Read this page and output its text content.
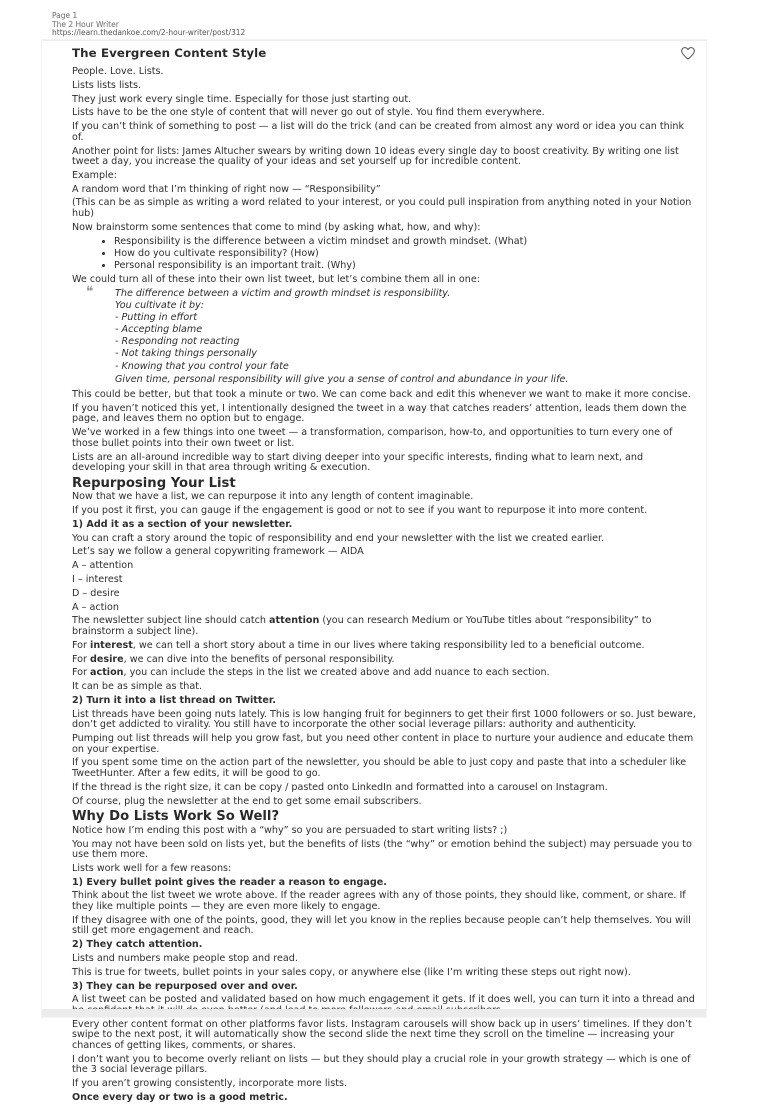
Page 1
The 2 Hour Writer
https://learn.thedankoe.com/2-hour-writer/post/312
The Evergreen Content Style

People. Love. Lists.

Lists lists lists.

They just work every single time. Especially for those just starting out.

Lists have to be the one style of content that will never go out of style. You find them everywhere.

If you can’t think of something to post — a list will do the trick (and can be created from almost any word or idea you can think of.

Another point for lists: James Altucher swears by writing down 10 ideas every single day to boost creativity. By writing one list tweet a day, you increase the quality of your ideas and set yourself up for incredible content.

Example:

A random word that I’m thinking of right now — “Responsibility”

(This can be as simple as writing a word related to your interest, or you could pull inspiration from anything noted in your Notion hub)

Now brainstorm some sentences that come to mind (by asking what, how, and why):

• Responsibility is the difference between a victim mindset and growth mindset. (What)
• How do you cultivate responsibility? (How)
• Personal responsibility is an important trait. (Why)

We could turn all of these into their own list tweet, but let’s combine them all in one:

❝ The difference between a victim and growth mindset is responsibility.

You cultivate it by:

- Putting in effort

- Accepting blame

- Responding not reacting

- Not taking things personally

- Knowing that you control your fate

Given time, personal responsibility will give you a sense of control and abundance in your life.

This could be better, but that took a minute or two. We can come back and edit this whenever we want to make it more concise.

If you haven’t noticed this yet, I intentionally designed the tweet in a way that catches readers’ attention, leads them down the page, and leaves them no option but to engage.

We’ve worked in a few things into one tweet — a transformation, comparison, how-to, and opportunities to turn every one of those bullet points into their own tweet or list.

Lists are an all-around incredible way to start diving deeper into your specific interests, finding what to learn next, and developing your skill in that area through writing & execution.

Repurposing Your List

Now that we have a list, we can repurpose it into any length of content imaginable.

If you post it first, you can gauge if the engagement is good or not to see if you want to repurpose it into more content.

1) Add it as a section of your newsletter.

You can craft a story around the topic of responsibility and end your newsletter with the list we created earlier.

Let’s say we follow a general copywriting framework — AIDA

A – attention

I – interest

D – desire

A – action

The newsletter subject line should catch attention (you can research Medium or YouTube titles about “responsibility” to brainstorm a subject line).

For interest, we can tell a short story about a time in our lives where taking responsibility led to a beneficial outcome.

For desire, we can dive into the benefits of personal responsibility.

For action, you can include the steps in the list we created above and add nuance to each section.

It can be as simple as that.

2) Turn it into a list thread on Twitter.

List threads have been going nuts lately. This is low hanging fruit for beginners to get their first 1000 followers or so. Just beware, don’t get addicted to virality. You still have to incorporate the other social leverage pillars: authority and authenticity.

Pumping out list threads will help you grow fast, but you need other content in place to nurture your audience and educate them on your expertise.

If you spent some time on the action part of the newsletter, you should be able to just copy and paste that into a scheduler like TweetHunter. After a few edits, it will be good to go.

If the thread is the right size, it can be copy / pasted onto LinkedIn and formatted into a carousel on Instagram.

Of course, plug the newsletter at the end to get some email subscribers.

Why Do Lists Work So Well?

Notice how I’m ending this post with a “why” so you are persuaded to start writing lists? ;)

You may not have been sold on lists yet, but the benefits of lists (the “why” or emotion behind the subject) may persuade you to use them more.

Lists work well for a few reasons:

1) Every bullet point gives the reader a reason to engage.

Think about the list tweet we wrote above. If the reader agrees with any of those points, they should like, comment, or share. If they like multiple points — they are even more likely to engage.

If they disagree with one of the points, good, they will let you know in the replies because people can’t help themselves. You will still get more engagement and reach.

2) They catch attention.

Lists and numbers make people stop and read.

This is true for tweets, bullet points in your sales copy, or anywhere else (like I’m writing these steps out right now).

3) They can be repurposed over and over.

A list tweet can be posted and validated based on how much engagement it gets. If it does well, you can turn it into a thread and

Every other content format on other platforms favor lists. Instagram carousels will show back up in users’ timelines. If they don’t swipe to the next post, it will automatically show the second slide the next time they scroll on the timeline — increasing your chances of getting likes, comments, or shares.

I don’t want you to become overly reliant on lists — but they should play a crucial role in your growth strategy — which is one of the 3 social leverage pillars.

If you aren’t growing consistently, incorporate more lists.

Once every day or two is a good metric.
